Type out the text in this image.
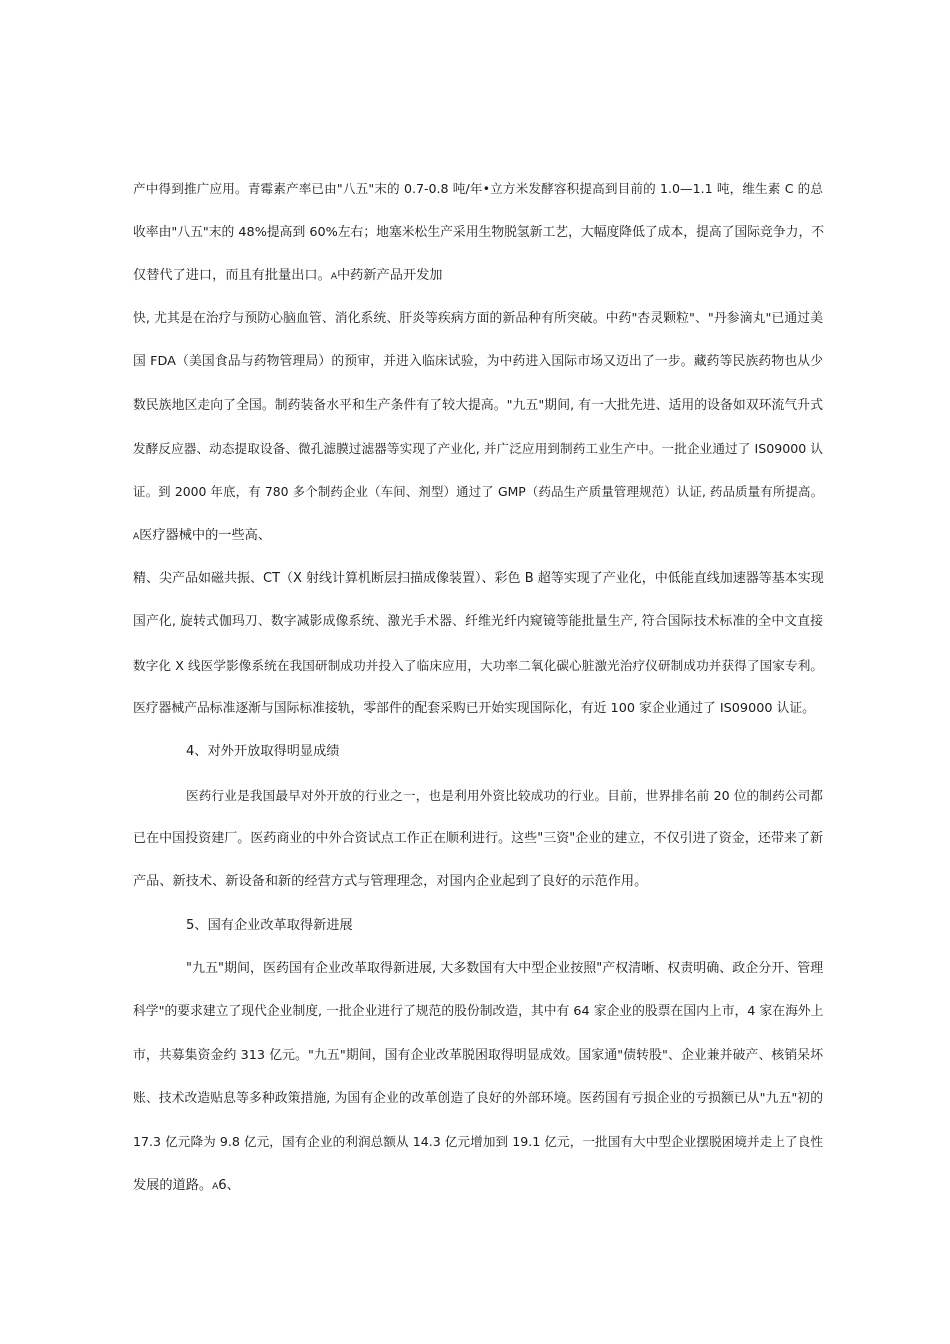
产中得到推广应用。青霉素产率已由"八五"末的 0.7-0.8 吨/年•立方米发酵容积提高到目前的 1.0—1.1 吨，维生素 C 的总
收率由"八五"末的 48%提高到 60%左右；地塞米松生产采用生物脱氢新工艺，大幅度降低了成本，提高了国际竞争力，不
仅替代了进口，而且有批量出口。A中药新产品开发加
快, 尤其是在治疗与预防心脑血管、消化系统、肝炎等疾病方面的新品种有所突破。中药"杏灵颗粒"、"丹参滴丸"已通过美
国 FDA（美国食品与药物管理局）的预审，并进入临床试验，为中药进入国际市场又迈出了一步。藏药等民族药物也从少
数民族地区走向了全国。制药装备水平和生产条件有了较大提高。"九五"期间, 有一大批先进、适用的设备如双环流气升式
发酵反应器、动态提取设备、微孔滤膜过滤器等实现了产业化, 并广泛应用到制药工业生产中。一批企业通过了 IS09000 认
证。到 2000 年底，有 780 多个制药企业（车间、剂型）通过了 GMP（药品生产质量管理规范）认证, 药品质量有所提高。
A医疗器械中的一些高、
精、尖产品如磁共振、CT（X 射线计算机断层扫描成像装置）、彩色 B 超等实现了产业化，中低能直线加速器等基本实现
国产化, 旋转式伽玛刀、数字减影成像系统、激光手术器、纤维光纤内窥镜等能批量生产, 符合国际技术标准的全中文直接
数字化 X 线医学影像系统在我国研制成功并投入了临床应用，大功率二氧化碳心脏激光治疗仪研制成功并获得了国家专利。
医疗器械产品标准逐渐与国际标准接轨，零部件的配套采购已开始实现国际化，有近 100 家企业通过了 IS09000 认证。
4、对外开放取得明显成绩
医药行业是我国最早对外开放的行业之一，也是利用外资比较成功的行业。目前，世界排名前 20 位的制药公司都
已在中国投资建厂。医药商业的中外合资试点工作正在顺利进行。这些"三资"企业的建立，不仅引进了资金，还带来了新
产品、新技术、新设备和新的经营方式与管理理念，对国内企业起到了良好的示范作用。
5、国有企业改革取得新进展
"九五"期间，医药国有企业改革取得新进展, 大多数国有大中型企业按照"产权清晰、权责明确、政企分开、管理
科学"的要求建立了现代企业制度, 一批企业进行了规范的股份制改造，其中有 64 家企业的股票在国内上市，4 家在海外上
市，共募集资金约 313 亿元。"九五"期间，国有企业改革脱困取得明显成效。国家通"债转股"、企业兼并破产、核销呆坏
账、技术改造贴息等多种政策措施, 为国有企业的改革创造了良好的外部环境。医药国有亏损企业的亏损额已从"九五"初的
17.3 亿元降为 9.8 亿元，国有企业的利润总额从 14.3 亿元增加到 19.1 亿元，一批国有大中型企业摆脱困境并走上了良性
发展的道路。A6、
